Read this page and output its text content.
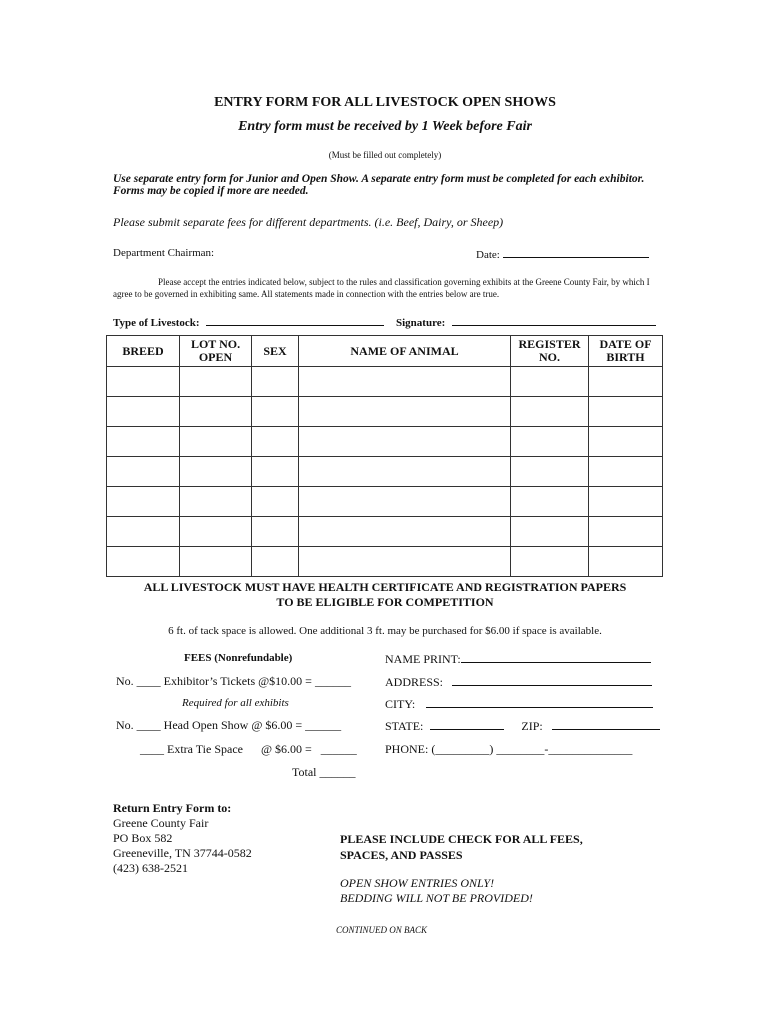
ENTRY FORM FOR ALL LIVESTOCK OPEN SHOWS
Entry form must be received by 1 Week before Fair
(Must be filled out completely)
Use separate entry form for Junior and Open Show. A separate entry form must be completed for each exhibitor. Forms may be copied if more are needed.
Please submit separate fees for different departments. (i.e. Beef, Dairy, or Sheep)
Department Chairman:	Date:
Please accept the entries indicated below, subject to the rules and classification governing exhibits at the Greene County Fair, by which I agree to be governed in exhibiting same. All statements made in connection with the entries below are true.
Type of Livestock:	Signature:
BREED	LOT NO. OPEN	SEX	NAME OF ANIMAL	REGISTER NO.	DATE OF BIRTH

ALL LIVESTOCK MUST HAVE HEALTH CERTIFICATE AND REGISTRATION PAPERS
TO BE ELIGIBLE FOR COMPETITION
6 ft. of tack space is allowed. One additional 3 ft. may be purchased for $6.00 if space is available.
FEES (Nonrefundable)
No. ____ Exhibitor’s Tickets @$10.00 = ______
Required for all exhibits
No. ____ Head Open Show @ $6.00 = ______
____ Extra Tie Space      @ $6.00 =   ______
Total ______
NAME PRINT:
ADDRESS:
CITY:
STATE:	ZIP:
PHONE: (_________) ________-______________
Return Entry Form to:
Greene County Fair
PO Box 582
Greeneville, TN 37744-0582
(423) 638-2521
PLEASE INCLUDE CHECK FOR ALL FEES,
SPACES, AND PASSES
OPEN SHOW ENTRIES ONLY!
BEDDING WILL NOT BE PROVIDED!
CONTINUED ON BACK
